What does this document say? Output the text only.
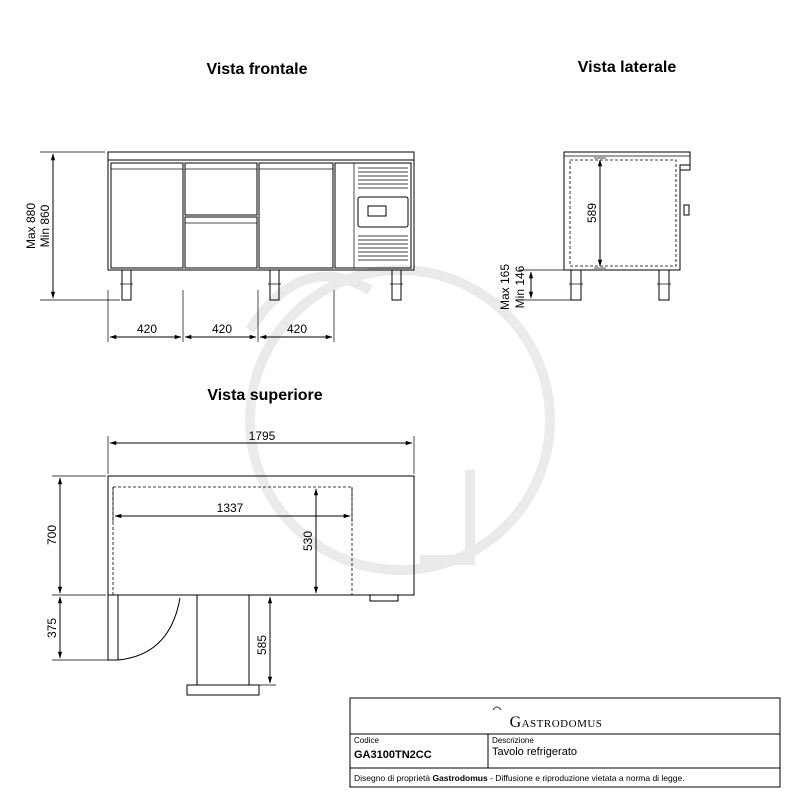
Vista frontale	Vista laterale
Vista superiore
Max 880 Min 860
420	420	420
589
Max 165 Min 146
1795
1337
530
700
375
585
Gastrodomus
Codice
GA3100TN2CC
Descrizione
Tavolo refrigerato
Disegno di proprietà Gastrodomus - Diffusione e riproduzione vietata a norma di legge.
